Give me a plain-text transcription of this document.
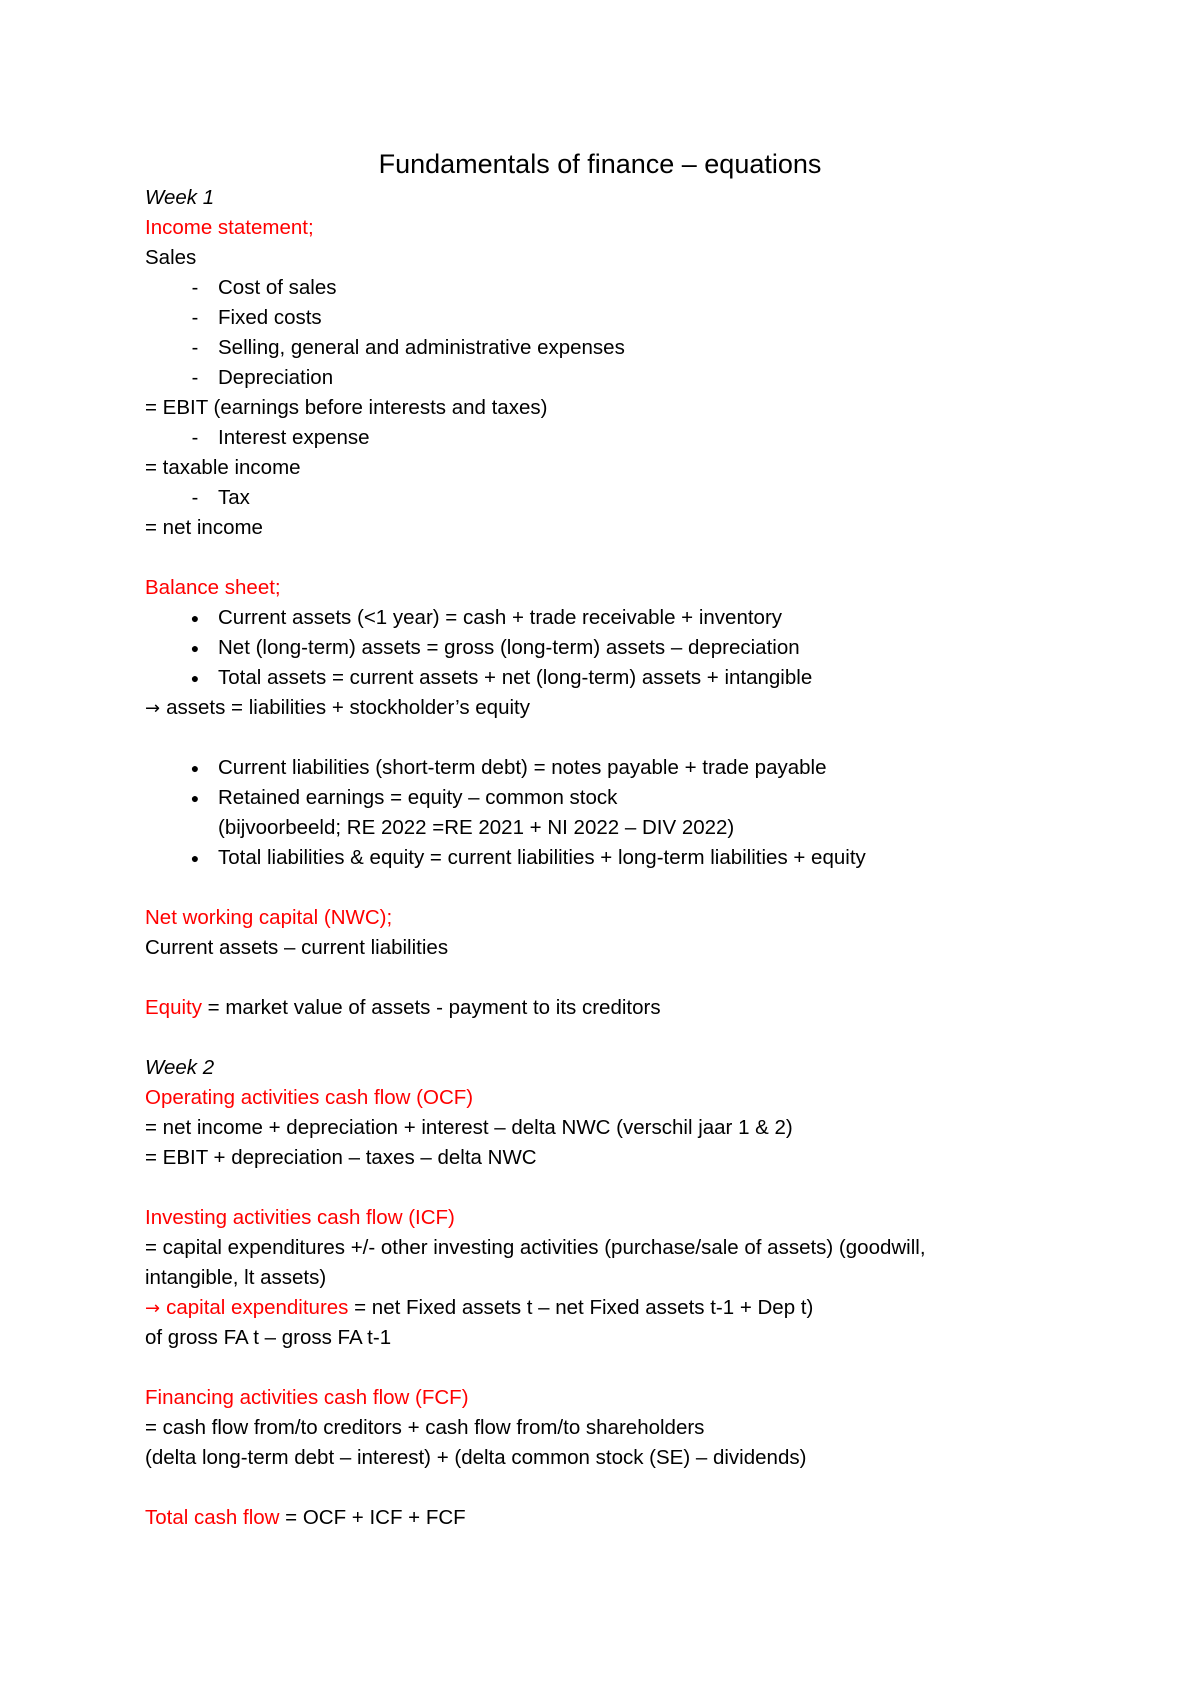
Fundamentals of finance – equations
Week 1
Income statement;
Sales
- Cost of sales
- Fixed costs
- Selling, general and administrative expenses
- Depreciation
= EBIT (earnings before interests and taxes)
- Interest expense
= taxable income
- Tax
= net income
Balance sheet;
● Current assets (<1 year) = cash + trade receivable + inventory
● Net (long-term) assets = gross (long-term) assets – depreciation
● Total assets = current assets + net (long-term) assets + intangible
→ assets = liabilities + stockholder’s equity
● Current liabilities (short-term debt) = notes payable + trade payable
● Retained earnings = equity – common stock
(bijvoorbeeld; RE 2022 =RE 2021 + NI 2022 – DIV 2022)
● Total liabilities & equity = current liabilities + long-term liabilities + equity
Net working capital (NWC);
Current assets – current liabilities
Equity = market value of assets - payment to its creditors
Week 2
Operating activities cash flow (OCF)
= net income + depreciation + interest – delta NWC (verschil jaar 1 & 2)
= EBIT + depreciation – taxes – delta NWC
Investing activities cash flow (ICF)
= capital expenditures +/- other investing activities (purchase/sale of assets) (goodwill,
intangible, lt assets)
→ capital expenditures = net Fixed assets t – net Fixed assets t-1 + Dep t)
of gross FA t – gross FA t-1
Financing activities cash flow (FCF)
= cash flow from/to creditors + cash flow from/to shareholders
(delta long-term debt – interest) + (delta common stock (SE) – dividends)
Total cash flow = OCF + ICF + FCF
